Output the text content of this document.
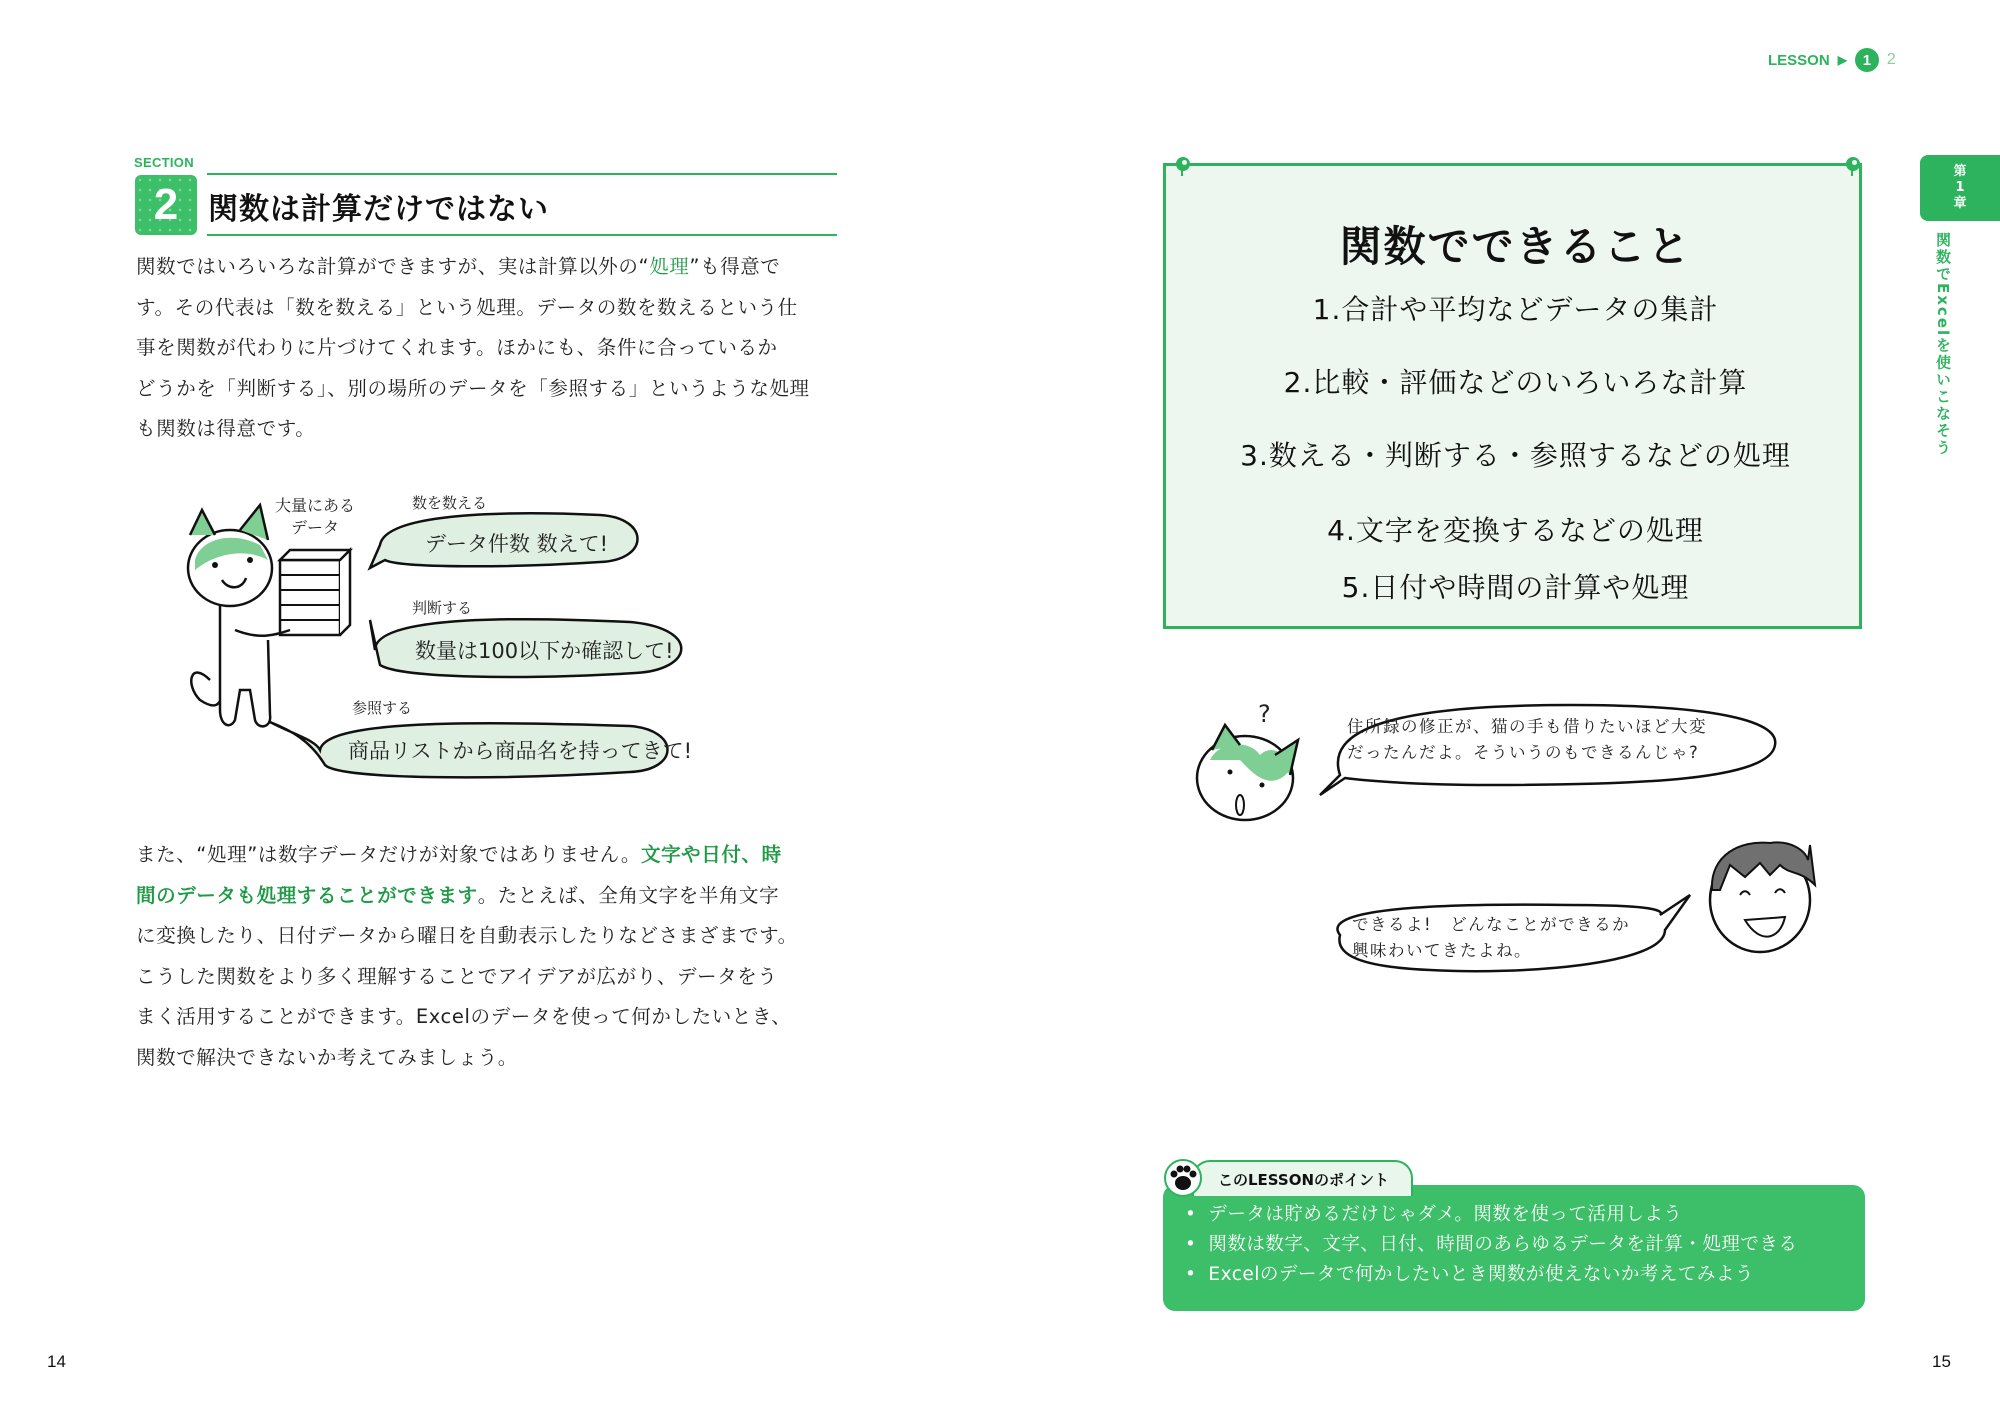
SECTION
2 関数は計算だけではない
関数ではいろいろな計算ができますが、実は計算以外の“処理”も得意で
す。その代表は「数を数える」という処理。データの数を数えるという仕
事を関数が代わりに片づけてくれます。ほかにも、条件に合っているか
どうかを「判断する」、別の場所のデータを「参照する」というような処理
も関数は得意です。
大量にある
データ
数を数える
データ件数 数えて!
判断する
数量は100以下か確認して!
参照する
商品リストから商品名を持ってきて!
また、“処理”は数字データだけが対象ではありません。文字や日付、時
間のデータも処理することができます。たとえば、全角文字を半角文字
に変換したり、日付データから曜日を自動表示したりなどさまざまです。
こうした関数をより多く理解することでアイデアが広がり、データをう
まく活用することができます。Excelのデータを使って何かしたいとき、
関数で解決できないか考えてみましょう。
14
LESSON ▶	1 2
第
1
章
関数でExcelを使いこなそう
関数でできること
1.合計や平均などデータの集計
2.比較・評価などのいろいろな計算
3.数える・判断する・参照するなどの処理
4.文字を変換するなどの処理
5.日付や時間の計算や処理
?	住所録の修正が、猫の手も借りたいほど大変
だったんだよ。そういうのもできるんじゃ?
できるよ!　どんなことができるか
興味わいてきたよね。
このLESSONのポイント
• データは貯めるだけじゃダメ。関数を使って活用しよう
• 関数は数字、文字、日付、時間のあらゆるデータを計算・処理できる
• Excelのデータで何かしたいとき関数が使えないか考えてみよう
15
